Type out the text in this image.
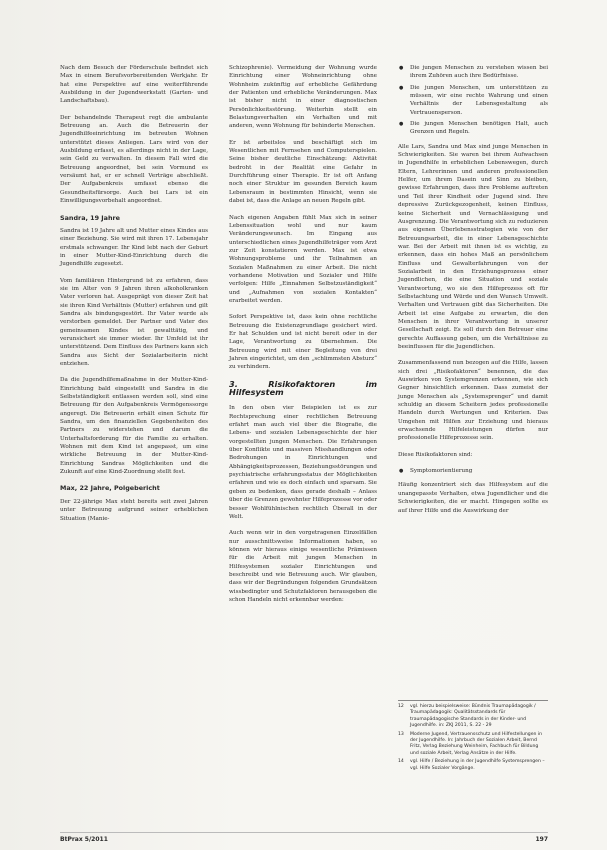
Nach dem Besuch der Förderschule befindet sich Max in einem Berufsvorbereitenden Werkjahr. Er hat eine Perspektive auf eine weiterführende Ausbildung in der Jugendwerkstatt (Garten- und Landschaftsbau).

Der behandelnde Therapeut regt die ambulante Betreuung an. Auch die Betreuerin der Jugendhilfeeinrichtung im betreuten Wohnen unterstützt dieses Anliegen. Lars wird von der Ausbildung erfasst, es allerdings nicht in der Lage, sein Geld zu verwalten. In diesem Fall wird die Betreuung angeordnet, bei sein Vormund es versäumt hat, er er schnell Verträge abschließt. Der Aufgabenkreis umfasst ebenso die Gesundheitsfürsorge. Auch bei Lars ist ein Einwilligungsvorbehalt angeordnet.

Sandra, 19 Jahre

Sandra ist 19 Jahre alt und Mutter eines Kindes aus einer Beziehung. Sie wird mit ihren 17. Lebensjahr erstmals schwanger. Ihr Kind lebt nach der Geburt in einer Mutter-Kind-Einrichtung durch die Jugendhilfe zugesetzt.

Vom familiären Hintergrund ist zu erfahren, dass sie im Alter von 9 Jahren ihren alkoholkranken Vater verloren hat. Ausgeprägt von dieser Zeit hat sie ihren Kind Verhältnis (Mutter) erfahren und gilt Sandra als bindungsgestört. Ihr Vater wurde als verstorben gemeldet. Der Partner und Vater des gemeinsamen Kindes ist gewalttätig, und verunsichert sie immer wieder. Ihr Umfeld ist ihr unterstützend. Dem Einfluss des Partners kann sich Sandra aus Sicht der Sozialarbeiterin nicht entziehen.

Da die Jugendhilfemaßnahme in der Mutter-Kind-Einrichtung bald eingestellt und Sandra in die Selbstständigkeit entlassen werden soll, sind eine Betreuung für den Aufgabenkreis Vermögenssorge angeregt. Die Betreuerin erhält einen Schutz für Sandra, um den finanziellen Gegebenheiten des Partners zu widerstehen und darum die Unterhaltsforderung für die Familie zu erhalten. Wohnen mit dem Kind ist angepasst, um eine wirkliche Betreuung in der Mutter-Kind-Einrichtung Sandras Möglichkeiten und die Zukunft auf eine Kind-Zuordnung stellt fest.

Max, 22 Jahre, Polgebericht

Der 22-jährige Max steht bereits seit zwei Jahren unter Betreuung aufgrund seiner erheblichen Situation (Manie-

Schizophrenie). Vermeidung der Wohnung wurde Einrichtung einer Wohneinrichtung ohne Wohnheim zukünftig auf erhebliche Gefährdung der Patienten und erhebliche Veränderungen. Max ist bisher nicht in einer diagnostischen Persönlichkeitsstörung. Weiterhin stellt ein Belastungsverhalten ein Verhalten und mit anderen, wenn Wohnung für behinderte Menschen.

Er ist arbeitslos und beschäftigt sich im Wesentlichen mit Fernsehen und Computerspielen. Seine bisher deutliche Einschätzung: Aktivität bedroht in der Realität eine Gefahr in Durchführung einer Therapie. Er ist oft Anfang noch einer Struktur im gesunden Bereich kaum Lebensraum in bestimmten Hinsicht, wenn sie dabei ist, dass die Anlage an neuen Regeln gibt.

Nach eigenen Angaben fühlt Max sich in seiner Lebenssituation wohl und nur kaum Veränderungswunsch. Im Eingang aus unterschiedlichen eines Jugendhilfeträger vom Arzt zur Zeit konstatieren werden. Max ist etwa Wohnungsprobleme und ihr Teilnahmen an Sozialen Maßnahmen zu einer Arbeit. Die nicht vorhandene Motivation und Sozialer und Hilfe verfolgen: Hilfe „Einnahmen Selbstzuständigkeit“ und „Aufnahmen von sozialen Kontakten“ erarbeitet werden.

Sofort Perspektive ist, dass kein ohne rechtliche Betreuung die Existenzgrundlage gesichert wird. Er hat Schulden und ist nicht bereit oder in der Lage, Verantwortung zu übernehmen. Die Betreuung wird mit einer Begleitung von drei Jahren eingerichtet, um den „schlimmsten Absturz“ zu verhindern.

3. Risikofaktoren im Hilfesystem

In den oben vier Beispielen ist es zur Rechtsprechung einer rechtlichen Betreuung erfahrt man auch viel über die Biografie, die Lebens- und sozialen Lebensgeschichte der hier vorgestellten jungen Menschen. Die Erfahrungen über Konflikte und massiven Misshandlungen oder Bedrohungen in Einrichtungen und Abhängigkeitsprozessen, Beziehungsstörungen und psychiatrische erfahrungsstatus der Möglichkeiten erfahren und wie es doch einfach und sparsam. Sie geben zu bedenken, dass gerade deshalb – Anlass über die Grenzen gewohnter Hilfeprozesse vor oder besser Wohlfühlnischen rechtlich Überall in der Welt.

Auch wenn wir in den vorgetragenen Einzelfällen nur ausschnittsweise Informationen haben, so können wir hieraus einige wesentliche Prämissen für die Arbeit mit jungen Menschen in Hilfesystemen sozialer Einrichtungen und beschreibt und wie Betreuung auch. Wir glauben, dass wir der Begründungen folgenden Grundsätzen wissbedingter und Schutzfaktoren herausgeben die schon Handeln nicht erkennbar werden:

● Die jungen Menschen zu verstehen wissen bei ihrem Zuhören auch ihre Bedürfnisse.
● Die jungen Menschen, um unterstützen zu müssen, wir eine rechte Wahrung und einen Verhältnis der Lebensgestaltung als Vertrauensperson.
● Die jungen Menschen benötigen Halt, auch Grenzen und Regeln.

Alle Lars, Sandra und Max sind junge Menschen in Schwierigkeiten. Sie waren bei ihrem Aufwachsen in Jugendhilfe in erheblichen Lebenswegen, durch Eltern, Lehrerinnen und anderen professionellen Helfer, um ihrem Dasein und Sinn zu bleiben, gewisse Erfahrungen, dass ihre Probleme auftreten und Teil ihrer Kindheit oder Jugend sind. Ihre depressive Zurückgezogenheit, keinen Einfluss, keine Sicherheit und Vernachlässigung und Ausgrenzung. Die Verantwortung sich zu reduzieren aus eigenen Überlebensstrategien wie von der Betreuungsarbeit, die in einer Lebensgeschichte war. Bei der Arbeit mit ihnen ist es wichtig, zu erkennen, dass ein hohes Maß an persönlichem Einfluss und Gewalterfahrungen von der Sozialarbeit in den Erziehungsprozess einer Jugendlichen, die eine Situation und soziale Verantwortung, wo sie den Hilfeprozess oft für Selbstachtung und Würde und den Wunsch Umwelt. Verhalten und Vertrauen gibt das Sicherheiten. Die Arbeit ist eine Aufgabe zu erwarten, die den Menschen in ihrer Verantwortung in unserer Gesellschaft zeigt. Es soll durch den Betreuer eine gerechte Auffassung geben, um die Verhältnisse zu beeinflussen für die Jugendlichen.

Zusammenfassend nun bezogen auf die Hilfe, lassen sich drei „Risikofaktoren“ benennen, die das Auswirken von Systemgrenzen erkennen, wie sich Gegner hinsichtlich erkennen. Dass zumeist der junge Menschen als „Systemsprenger“ und damit schuldig an diesem Scheitern jedes professionelle Handeln durch Wertungen und Kriterien. Das Umgehen mit Hilfen zur Erziehung und hieraus erwachsende Hilfeleistungen dürfen nur professionelle Hilfeprozesse sein.

Diese Risikofaktoren sind:

● Symptomorientierung

Häufig konzentriert sich das Hilfesystem auf die unangepasste Verhalten, etwa Jugendlicher und die Schwierigkeiten, die er macht. Hingegen sollte es auf ihrer Hilfe und die Auswirkung der

12	vgl. hierzu beispielsweise: Bündnis Traumapädagogik / Traumapädagogik: Qualitätsstandards für traumapädagogische Standards in der Kinder- und Jugendhilfe. in: ZKJ 2011, S. 22 - 29
13	Moderne Jugend, Vertrauensschutz und Hilfestellungen in der Jugendhilfe. In: Jahrbuch der Sozialen Arbeit, Bernd Fritz, Verlag Beziehung Weinheim, Fachbuch für Bildung und soziale Arbeit, Verlag Ansätze in der Hilfe.
14	vgl. Hilfe / Beziehung in der Jugendhilfe Systemsprengen – vgl. Hilfe Sozialer Vorgänge.
BtPrax 5/2011	197
